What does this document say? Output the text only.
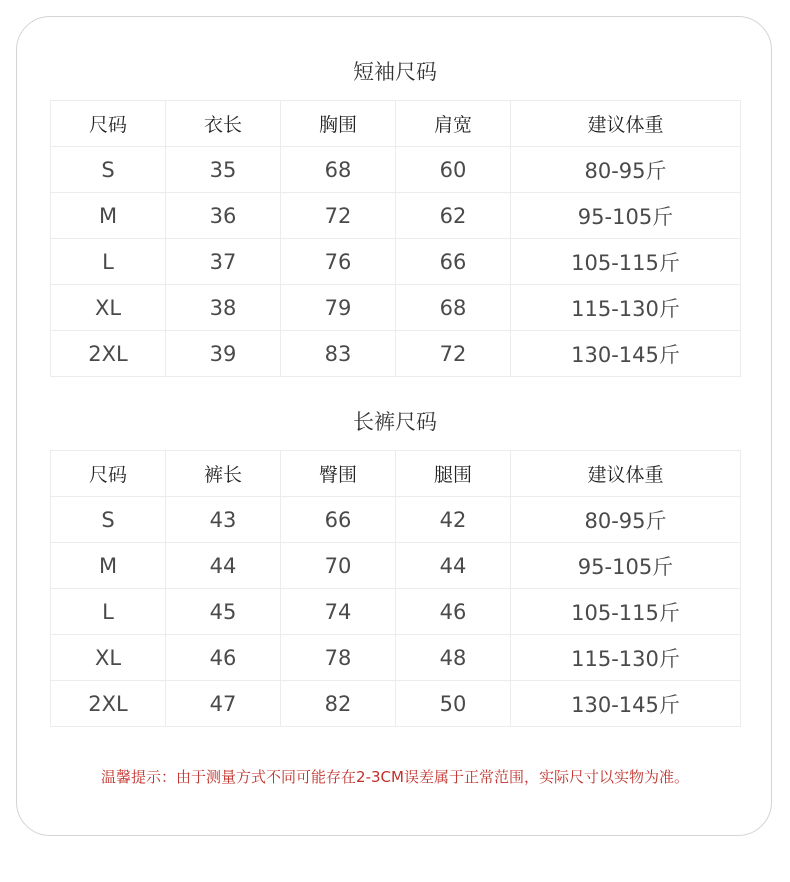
短袖尺码
尺码	衣长	胸围	肩宽	建议体重
S	35	68	60	80-95斤
M	36	72	62	95-105斤
L	37	76	66	105-115斤
XL	38	79	68	115-130斤
2XL	39	83	72	130-145斤
长裤尺码
尺码	裤长	臀围	腿围	建议体重
S	43	66	42	80-95斤
M	44	70	44	95-105斤
L	45	74	46	105-115斤
XL	46	78	48	115-130斤
2XL	47	82	50	130-145斤
温馨提示：由于测量方式不同可能存在2-3CM误差属于正常范围，实际尺寸以实物为准。
